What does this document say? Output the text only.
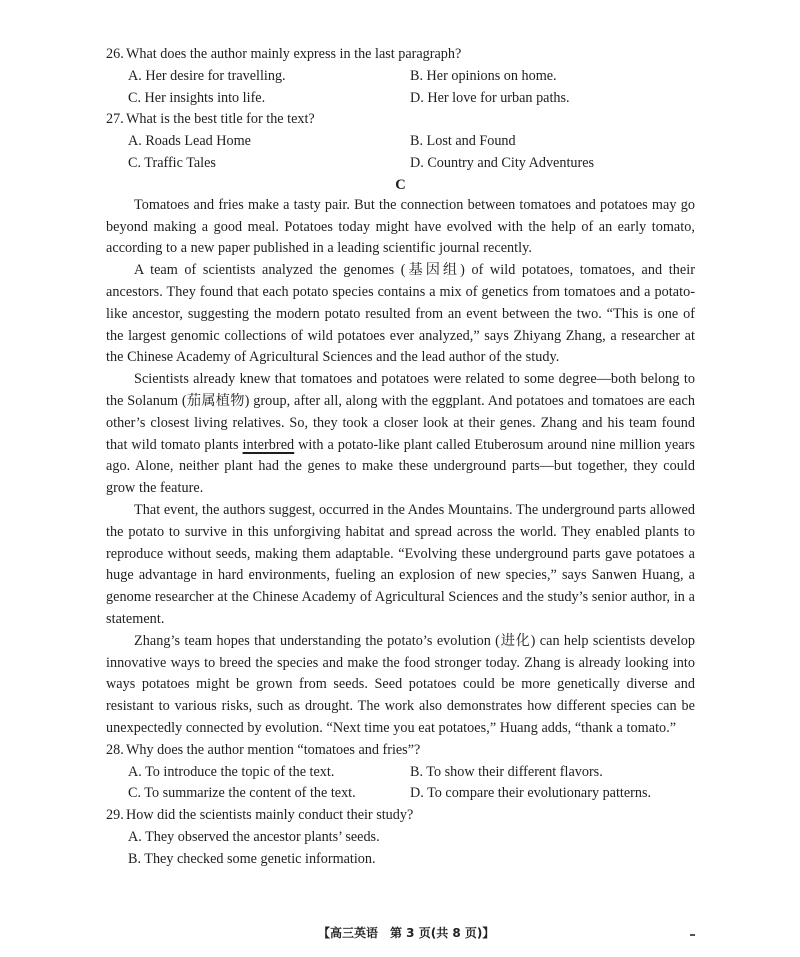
26. What does the author mainly express in the last paragraph?
A. Her desire for travelling.	B. Her opinions on home.
C. Her insights into life.	D. Her love for urban paths.
27. What is the best title for the text?
A. Roads Lead Home	B. Lost and Found
C. Traffic Tales	D. Country and City Adventures

C

Tomatoes and fries make a tasty pair. But the connection between tomatoes and potatoes may go beyond making a good meal. Potatoes today might have evolved with the help of an early tomato, according to a new paper published in a leading scientific journal recently.

A team of scientists analyzed the genomes (基因组) of wild potatoes, tomatoes, and their ancestors. They found that each potato species contains a mix of genetics from tomatoes and a potato-like ancestor, suggesting the modern potato resulted from an event between the two. “This is one of the largest genomic collections of wild potatoes ever analyzed,” says Zhiyang Zhang, a researcher at the Chinese Academy of Agricultural Sciences and the lead author of the study.

Scientists already knew that tomatoes and potatoes were related to some degree—both belong to the Solanum (茄属植物) group, after all, along with the eggplant. And potatoes and tomatoes are each other’s closest living relatives. So, they took a closer look at their genes. Zhang and his team found that wild tomato plants interbred with a potato-like plant called Etuberosum around nine million years ago. Alone, neither plant had the genes to make these underground parts—but together, they could grow the feature.

That event, the authors suggest, occurred in the Andes Mountains. The underground parts allowed the potato to survive in this unforgiving habitat and spread across the world. They enabled plants to reproduce without seeds, making them adaptable. “Evolving these underground parts gave potatoes a huge advantage in hard environments, fueling an explosion of new species,” says Sanwen Huang, a genome researcher at the Chinese Academy of Agricultural Sciences and the study’s senior author, in a statement.

Zhang’s team hopes that understanding the potato’s evolution (进化) can help scientists develop innovative ways to breed the species and make the food stronger today. Zhang is already looking into ways potatoes might be grown from seeds. Seed potatoes could be more genetically diverse and resistant to various risks, such as drought. The work also demonstrates how different species can be unexpectedly connected by evolution. “Next time you eat potatoes,” Huang adds, “thank a tomato.”

28. Why does the author mention “tomatoes and fries”?
A. To introduce the topic of the text.	B. To show their different flavors.
C. To summarize the content of the text.	D. To compare their evolutionary patterns.
29. How did the scientists mainly conduct their study?
A. They observed the ancestor plants’ seeds.
B. They checked some genetic information.
【高三英语　第 3 页(共 8 页)】
